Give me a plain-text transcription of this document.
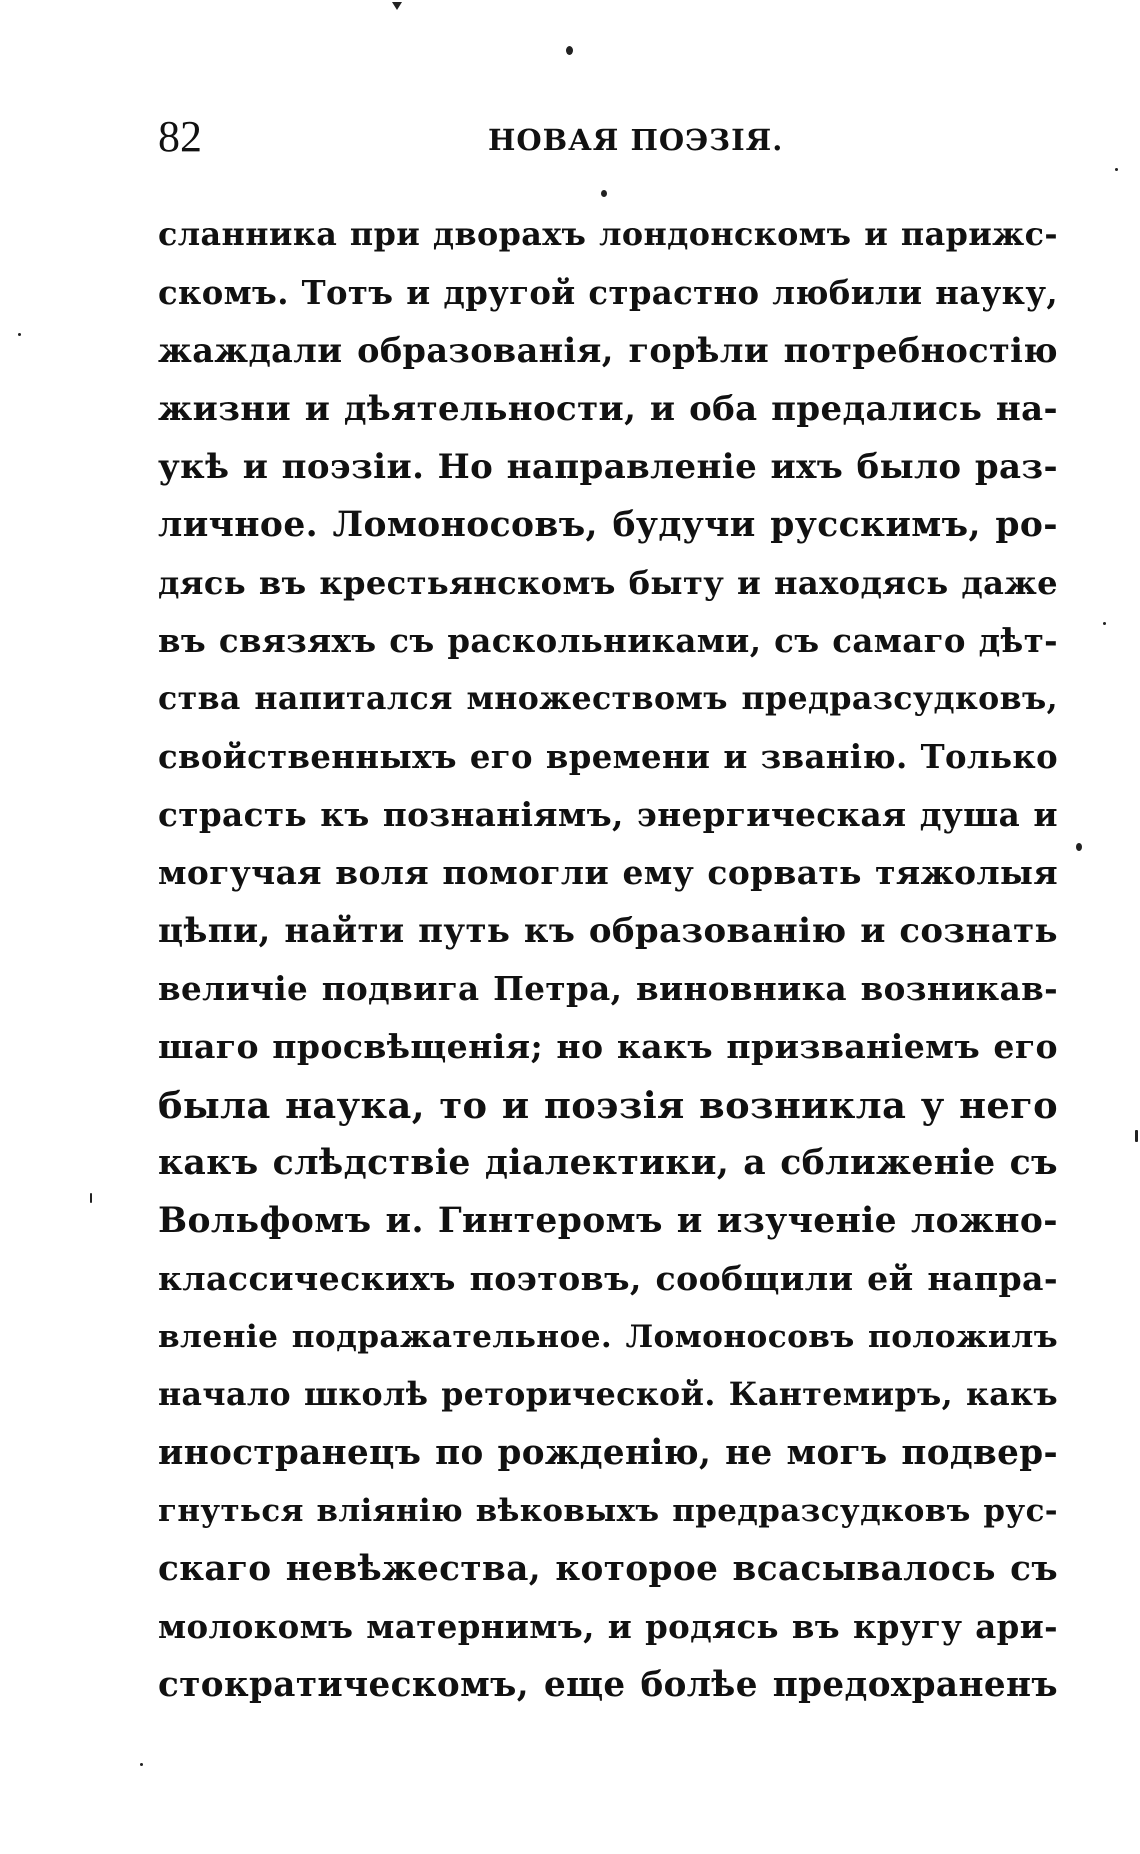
82	НОВАЯ ПОЭЗІЯ.
сланника при дворахъ лондонскомъ и парижс-
скомъ. Тотъ и другой страстно любили науку,
жаждали образованія, горѣли потребностію
жизни и дѣятельности, и оба предались на-
укѣ и поэзіи. Но направленіе ихъ было раз-
личное. Ломоносовъ, будучи русскимъ, ро-
дясь въ крестьянскомъ быту и находясь даже
въ связяхъ съ раскольниками, съ самаго дѣт-
ства напитался множествомъ предразсудковъ,
свойственныхъ его времени и званію. Только
страсть къ познаніямъ, энергическая душа и
могучая воля помогли ему сорвать тяжолыя
цѣпи, найти путь къ образованію и сознать
величіе подвига Петра, виновника возникав-
шаго просвѣщенія; но какъ призваніемъ его
была наука, то и поэзія возникла у него
какъ слѣдствіе діалектики, а сближеніе съ
Вольфомъ и. Гинтеромъ и изученіе ложно-
классическихъ поэтовъ, сообщили ей напра-
вленіе подражательное. Ломоносовъ положилъ
начало школѣ реторической. Кантемиръ, какъ
иностранецъ по рожденію, не могъ подвер-
гнуться вліянію вѣковыхъ предразсудковъ рус-
скаго невѣжества, которое всасывалось съ
молокомъ матернимъ, и родясь въ кругу ари-
стократическомъ, еще болѣе предохраненъ
